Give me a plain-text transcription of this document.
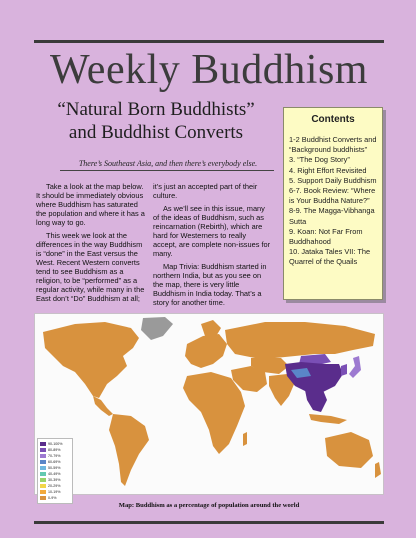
Weekly Buddhism
“Natural Born Buddhists”
and Buddhist Converts
There’s Southeast Asia, and then there’s everybody else.

Take a look at the map below. It should be immediately obvious where Buddhism has saturated the population and where it has a long way to go.

This week we look at the differences in the way Buddhism is “done” in the East versus the West. Recent Western converts tend to see Buddhism as a religion, to be “performed” as a regular activity, while many in the East don’t “Do” Buddhism at all;

it’s just an accepted part of their culture.

As we’ll see in this issue, many of the ideas of Buddhism, such as reincarnation (Rebirth), which are hard for Westerners to really accept, are complete non-issues for many.

Map Trivia: Buddhism started in northern India, but as you see on the map, there is very little Buddhism in India today. That’s a story for another time.

Contents
1-2 Buddhist Converts and “Background buddhists”
3. “The Dog Story”
4. Right Effort Revisited
5. Support Daily Buddhism
6-7. Book Review: “Where is Your Buddha Nature?”
8-9. The Magga-Vibhanga Sutta
9. Koan: Not Far From Buddhahood
10. Jataka Tales VII: The Quarrel of the Quails
90-100%
80-89%
70-79%
60-69%
50-59%
40-49%
30-39%
20-29%
10-19%
0-9%
Map: Buddhism as a percentage of population around the world
